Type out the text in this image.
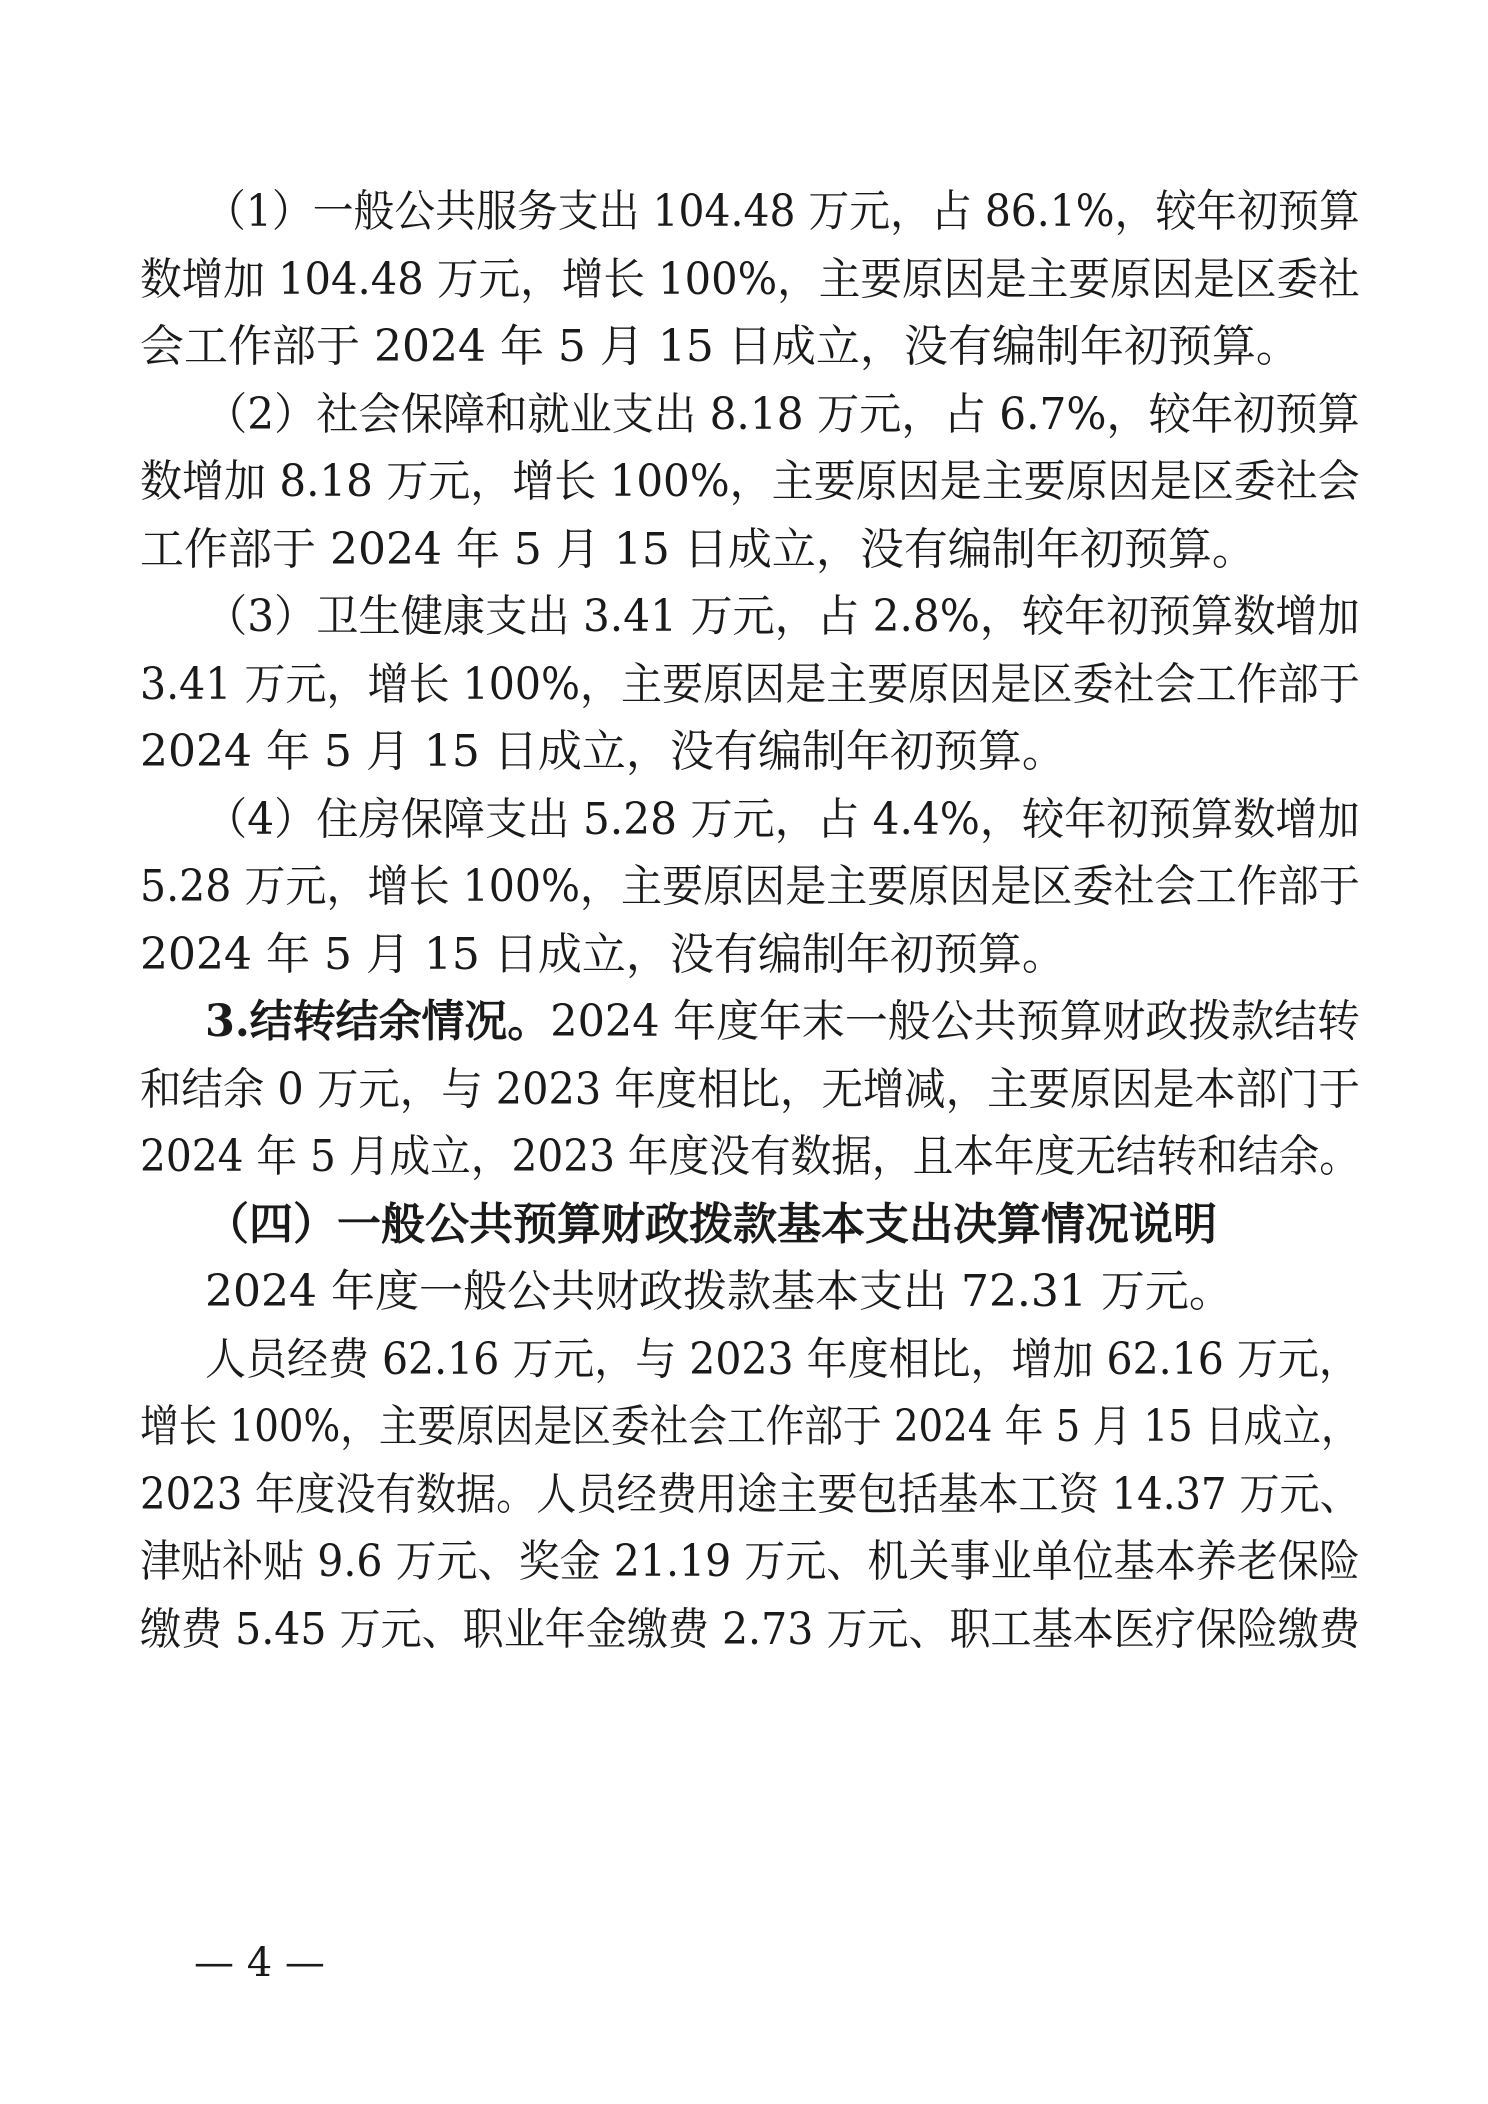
（1）一般公共服务支出 104.48 万元，占 86.1%，较年初预算
数增加 104.48 万元，增长 100%，主要原因是主要原因是区委社
会工作部于 2024 年 5 月 15 日成立，没有编制年初预算。
（2）社会保障和就业支出 8.18 万元，占 6.7%，较年初预算
数增加 8.18 万元，增长 100%，主要原因是主要原因是区委社会
工作部于 2024 年 5 月 15 日成立，没有编制年初预算。
（3）卫生健康支出 3.41 万元，占 2.8%，较年初预算数增加
3.41 万元，增长 100%，主要原因是主要原因是区委社会工作部于
2024 年 5 月 15 日成立，没有编制年初预算。
（4）住房保障支出 5.28 万元，占 4.4%，较年初预算数增加
5.28 万元，增长 100%，主要原因是主要原因是区委社会工作部于
2024 年 5 月 15 日成立，没有编制年初预算。
3.结转结余情况。2024 年度年末一般公共预算财政拨款结转
和结余 0 万元，与 2023 年度相比，无增减，主要原因是本部门于
2024 年 5 月成立，2023 年度没有数据，且本年度无结转和结余。
（四）一般公共预算财政拨款基本支出决算情况说明
2024 年度一般公共财政拨款基本支出 72.31 万元。
人员经费 62.16 万元，与 2023 年度相比，增加 62.16 万元，
增长 100%，主要原因是区委社会工作部于 2024 年 5 月 15 日成立，
2023 年度没有数据。人员经费用途主要包括基本工资 14.37 万元、
津贴补贴 9.6 万元、奖金 21.19 万元、机关事业单位基本养老保险
缴费 5.45 万元、职业年金缴费 2.73 万元、职工基本医疗保险缴费
— 4 —
